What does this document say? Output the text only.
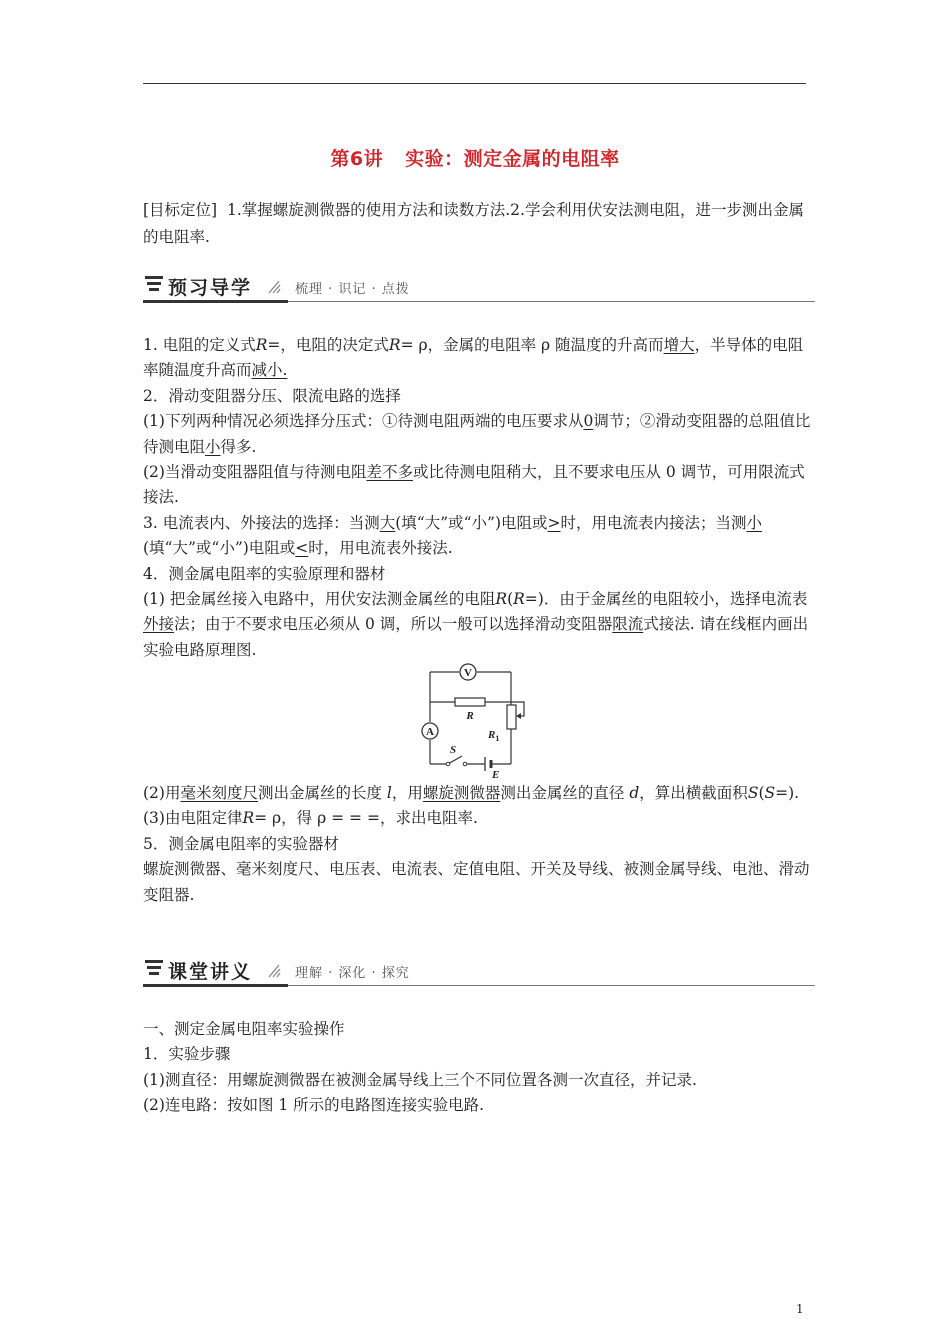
第6讲 实验：测定金属的电阻率
[目标定位] 1.掌握螺旋测微器的使用方法和读数方法.2.学会利用伏安法测电阻，进一步测出金属的电阻率.
预习导学	梳理 · 识记 · 点拨

1. 电阻的定义式R=，电阻的决定式R= ρ，金属的电阻率 ρ 随温度的升高而增大，半导体的电阻率随温度升高而减小.

2．滑动变阻器分压、限流电路的选择

(1)下列两种情况必须选择分压式：①待测电阻两端的电压要求从0调节；②滑动变阻器的总阻值比待测电阻小得多.

(2)当滑动变阻器阻值与待测电阻差不多或比待测电阻稍大，且不要求电压从 0 调节，可用限流式接法.

3. 电流表内、外接法的选择：当测大(填“大”或“小”)电阻或>时，用电流表内接法；当测小(填“大”或“小”)电阻或<时，用电流表外接法.

4．测金属电阻率的实验原理和器材

(1) 把金属丝接入电路中，用伏安法测金属丝的电阻R(R=)．由于金属丝的电阻较小，选择电流表外接法；由于不要求电压必须从 0 调，所以一般可以选择滑动变阻器限流式接法. 请在线框内画出实验电路原理图.

V
A
R
$R_1$
S
E

(2)用毫米刻度尺测出金属丝的长度 l，用螺旋测微器测出金属丝的直径 d，算出横截面积S(S=).

(3)由电阻定律R= ρ，得 ρ = = =，求出电阻率.

5．测金属电阻率的实验器材

螺旋测微器、毫米刻度尺、电压表、电流表、定值电阻、开关及导线、被测金属导线、电池、滑动变阻器.

课堂讲义	理解 · 深化 · 探究

一、测定金属电阻率实验操作

1．实验步骤

(1)测直径：用螺旋测微器在被测金属导线上三个不同位置各测一次直径，并记录.

(2)连电路：按如图 1 所示的电路图连接实验电路.

1
